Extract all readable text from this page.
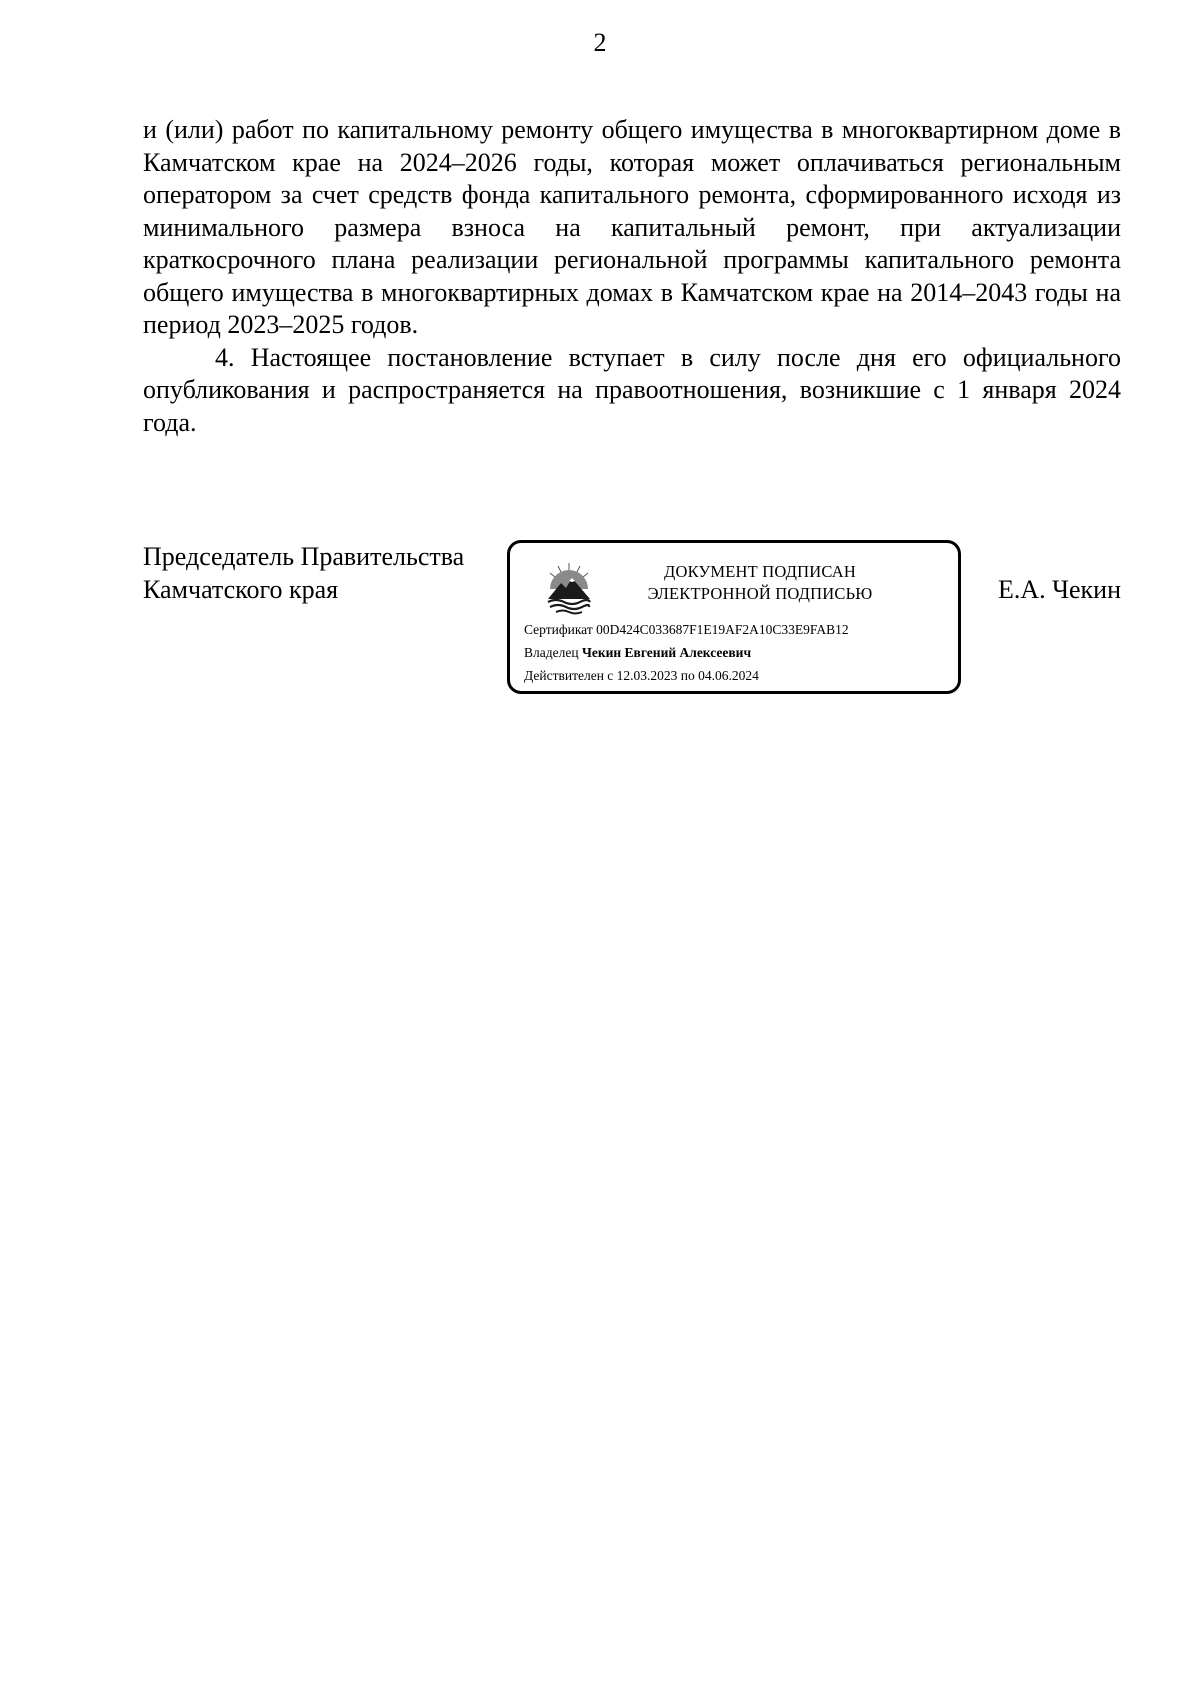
2

и (или) работ по капитальному ремонту общего имущества в многоквартирном доме в Камчатском крае на 2024–2026 годы, которая может оплачиваться региональным оператором за счет средств фонда капитального ремонта, сформированного исходя из минимального размера взноса на капитальный ремонт, при актуализации краткосрочного плана реализации региональной программы капитального ремонта общего имущества в многоквартирных домах в Камчатском крае на 2014–2043 годы на период 2023–2025 годов.

4. Настоящее постановление вступает в силу после дня его официального опубликования и распространяется на правоотношения, возникшие с 1 января 2024 года.

Председатель Правительства
Камчатского края
ДОКУМЕНТ ПОДПИСАН
ЭЛЕКТРОННОЙ ПОДПИСЬЮ
Сертификат 00D424C033687F1E19AF2A10C33E9FAB12
Владелец Чекин Евгений Алексеевич
Действителен с 12.03.2023 по 04.06.2024
Е.А. Чекин
